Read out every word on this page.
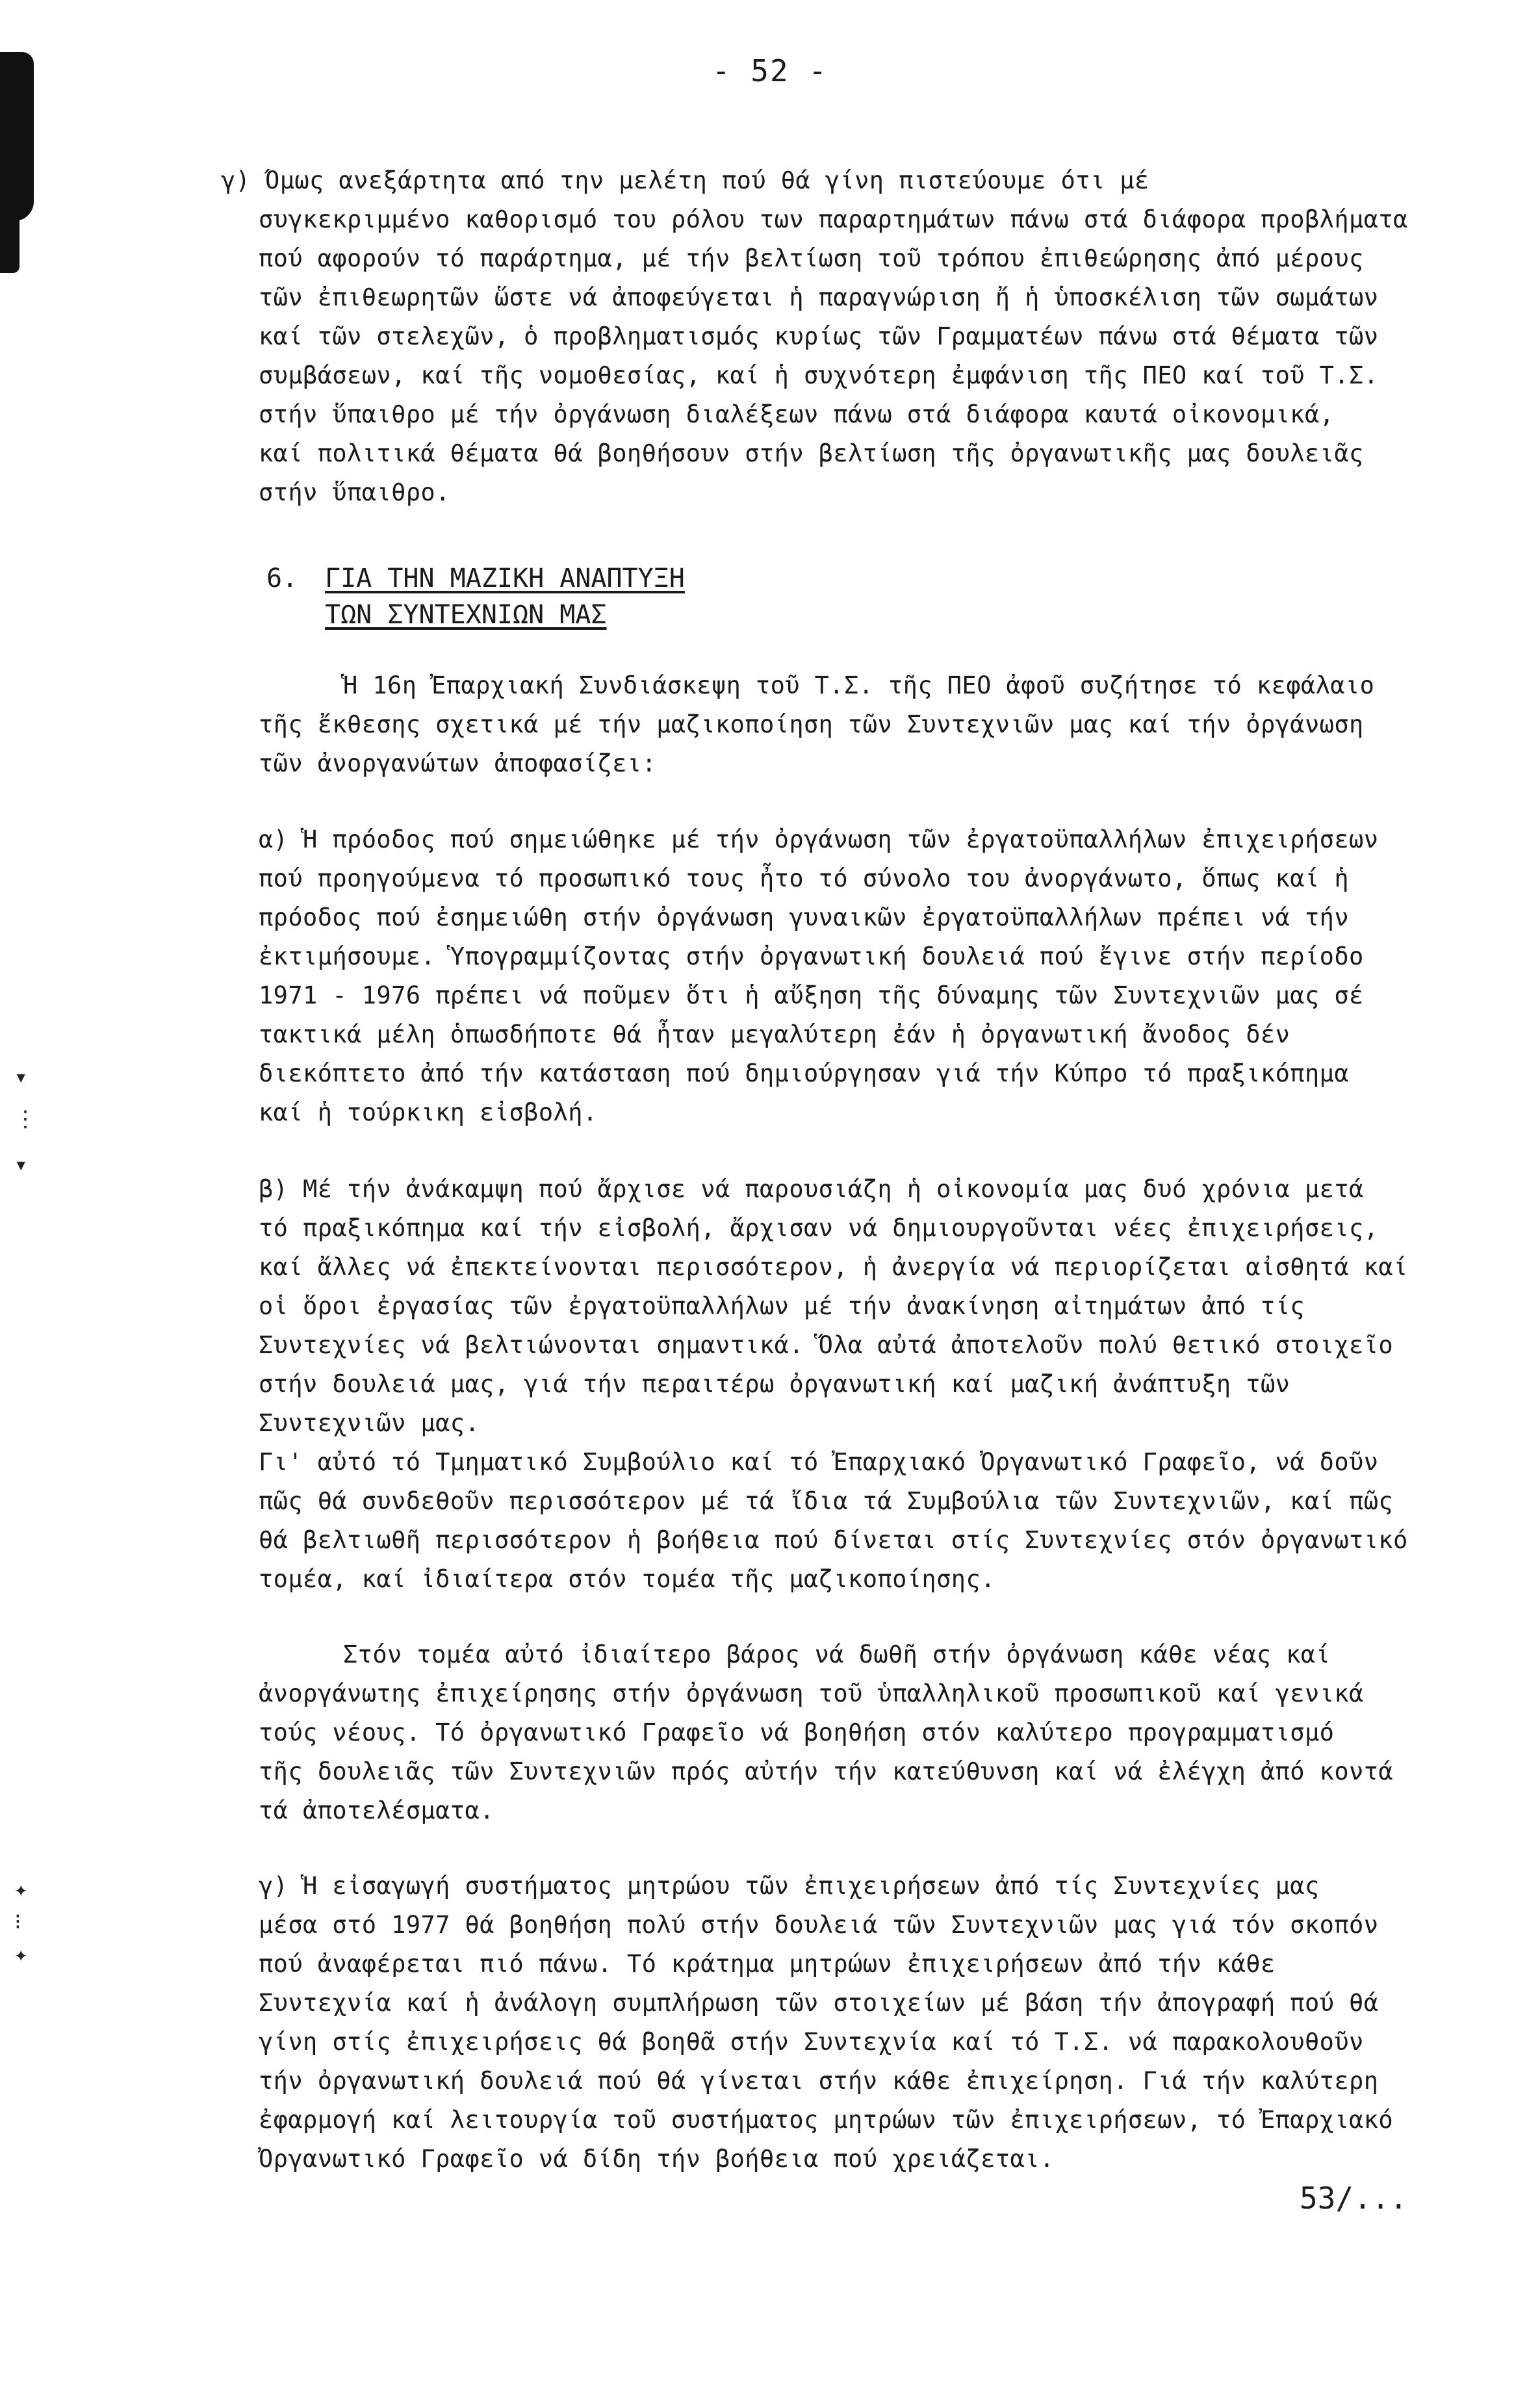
▾
⋮
▾
✦
⁝
✦
- 52 -
γ) Όμως ανεξάρτητα από την μελέτη πού θά γίνη πιστεύουμε ότι μέ
συγκεκριμμένο καθορισμό του ρόλου των παραρτημάτων πάνω στά διάφορα προβλήματα
πού αφορούν τό παράρτημα, μέ τήν βελτίωση τοῦ τρόπου ἐπιθεώρησης ἀπό μέρους
τῶν ἐπιθεωρητῶν ὥστε νά ἀποφεύγεται ἡ παραγνώριση ἤ ἡ ὑποσκέλιση τῶν σωμάτων
καί τῶν στελεχῶν, ὁ προβληματισμός κυρίως τῶν Γραμματέων πάνω στά θέματα τῶν
συμβάσεων, καί τῆς νομοθεσίας, καί ἡ συχνότερη ἐμφάνιση τῆς ΠΕΟ καί τοῦ Τ.Σ.
στήν ὕπαιθρο μέ τήν ὀργάνωση διαλέξεων πάνω στά διάφορα καυτά οἰκονομικά,
καί πολιτικά θέματα θά βοηθήσουν στήν βελτίωση τῆς ὀργανωτικῆς μας δουλειᾶς
στήν ὕπαιθρο.
6. ΓΙΑ ΤΗΝ ΜΑΖΙΚΗ ΑΝΑΠΤΥΞΗ
ΤΩΝ ΣΥΝΤΕΧΝΙΩΝ ΜΑΣ
Ἡ 16η Ἐπαρχιακή Συνδιάσκεψη τοῦ Τ.Σ. τῆς ΠΕΟ ἀφοῦ συζήτησε τό κεφάλαιο
τῆς ἔκθεσης σχετικά μέ τήν μαζικοποίηση τῶν Συντεχνιῶν μας καί τήν ὀργάνωση
τῶν ἀνοργανώτων ἀποφασίζει:
α) Ἡ πρόοδος πού σημειώθηκε μέ τήν ὀργάνωση τῶν ἐργατοϋπαλλήλων ἐπιχειρήσεων
πού προηγούμενα τό προσωπικό τους ἦτο τό σύνολο του ἀνοργάνωτο, ὅπως καί ἡ
πρόοδος πού ἐσημειώθη στήν ὀργάνωση γυναικῶν ἐργατοϋπαλλήλων πρέπει νά τήν
ἐκτιμήσουμε. Ὑπογραμμίζοντας στήν ὀργανωτική δουλειά πού ἔγινε στήν περίοδο
1971 - 1976 πρέπει νά ποῦμεν ὅτι ἡ αὔξηση τῆς δύναμης τῶν Συντεχνιῶν μας σέ
τακτικά μέλη ὁπωσδήποτε θά ἦταν μεγαλύτερη ἐάν ἡ ὀργανωτική ἄνοδος δέν
διεκόπτετο ἀπό τήν κατάσταση πού δημιούργησαν γιά τήν Κύπρο τό πραξικόπημα
καί ἡ τούρκικη εἰσβολή.
β) Μέ τήν ἀνάκαμψη πού ἄρχισε νά παρουσιάζη ἡ οἰκονομία μας δυό χρόνια μετά
τό πραξικόπημα καί τήν εἰσβολή, ἄρχισαν νά δημιουργοῦνται νέες ἐπιχειρήσεις,
καί ἄλλες νά ἐπεκτείνονται περισσότερον, ἡ ἀνεργία νά περιορίζεται αἰσθητά καί
οἱ ὅροι ἐργασίας τῶν ἐργατοϋπαλλήλων μέ τήν ἀνακίνηση αἰτημάτων ἀπό τίς
Συντεχνίες νά βελτιώνονται σημαντικά. Ὅλα αὐτά ἀποτελοῦν πολύ θετικό στοιχεῖο
στήν δουλειά μας, γιά τήν περαιτέρω ὀργανωτική καί μαζική ἀνάπτυξη τῶν
Συντεχνιῶν μας.
Γι' αὐτό τό Τμηματικό Συμβούλιο καί τό Ἐπαρχιακό Ὀργανωτικό Γραφεῖο, νά δοῦν
πῶς θά συνδεθοῦν περισσότερον μέ τά ἴδια τά Συμβούλια τῶν Συντεχνιῶν, καί πῶς
θά βελτιωθῆ περισσότερον ἡ βοήθεια πού δίνεται στίς Συντεχνίες στόν ὀργανωτικό
τομέα, καί ἰδιαίτερα στόν τομέα τῆς μαζικοποίησης.
Στόν τομέα αὐτό ἰδιαίτερο βάρος νά δωθῆ στήν ὀργάνωση κάθε νέας καί
ἀνοργάνωτης ἐπιχείρησης στήν ὀργάνωση τοῦ ὑπαλληλικοῦ προσωπικοῦ καί γενικά
τούς νέους. Τό ὀργανωτικό Γραφεῖο νά βοηθήση στόν καλύτερο προγραμματισμό
τῆς δουλειᾶς τῶν Συντεχνιῶν πρός αὐτήν τήν κατεύθυνση καί νά ἐλέγχη ἀπό κοντά
τά ἀποτελέσματα.
γ) Ἡ εἰσαγωγή συστήματος μητρώου τῶν ἐπιχειρήσεων ἀπό τίς Συντεχνίες μας
μέσα στό 1977 θά βοηθήση πολύ στήν δουλειά τῶν Συντεχνιῶν μας γιά τόν σκοπόν
πού ἀναφέρεται πιό πάνω. Τό κράτημα μητρώων ἐπιχειρήσεων ἀπό τήν κάθε
Συντεχνία καί ἡ ἀνάλογη συμπλήρωση τῶν στοιχείων μέ βάση τήν ἀπογραφή πού θά
γίνη στίς ἐπιχειρήσεις θά βοηθᾶ στήν Συντεχνία καί τό Τ.Σ. νά παρακολουθοῦν
τήν ὀργανωτική δουλειά πού θά γίνεται στήν κάθε ἐπιχείρηση. Γιά τήν καλύτερη
ἐφαρμογή καί λειτουργία τοῦ συστήματος μητρώων τῶν ἐπιχειρήσεων, τό Ἐπαρχιακό
Ὀργανωτικό Γραφεῖο νά δίδη τήν βοήθεια πού χρειάζεται.
53/...
